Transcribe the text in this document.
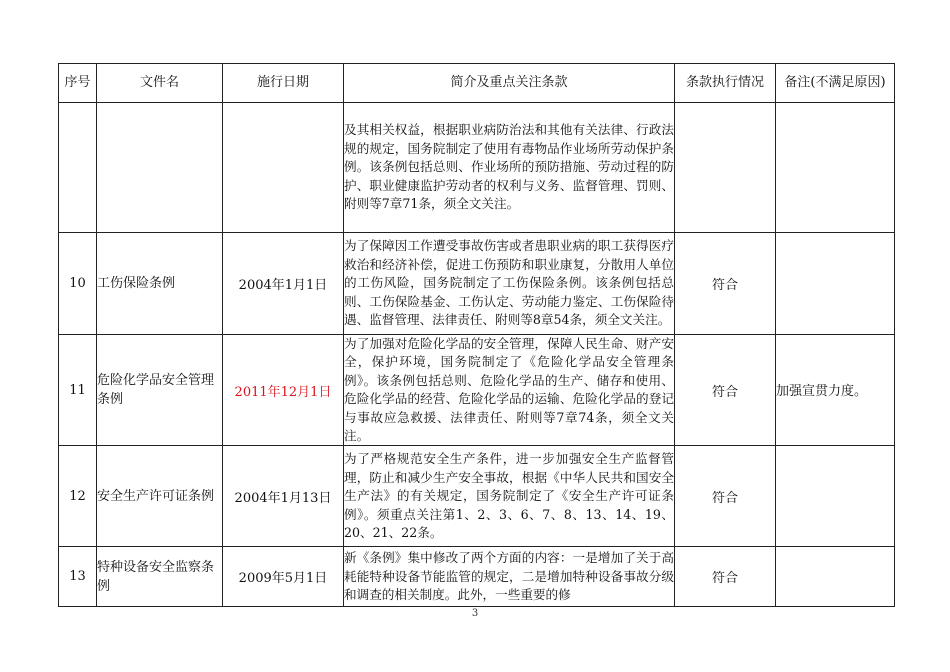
序号	文件名	施行日期	简介及重点关注条款	条款执行情况	备注(不满足原因)
			及其相关权益，根据职业病防治法和其他有关法律、行政法规的规定，国务院制定了使用有毒物品作业场所劳动保护条例。该条例包括总则、作业场所的预防措施、劳动过程的防护、职业健康监护劳动者的权利与义务、监督管理、罚则、附则等7章71条，须全文关注。		

10	工伤保险条例	2004年1月1日	为了保障因工作遭受事故伤害或者患职业病的职工获得医疗救治和经济补偿，促进工伤预防和职业康复，分散用人单位的工伤风险，国务院制定了工伤保险条例。该条例包括总则、工伤保险基金、工伤认定、劳动能力鉴定、工伤保险待遇、监督管理、法律责任、附则等8章54条，须全文关注。	符合	

11	危险化学品安全管理条例	2011年12月1日	为了加强对危险化学品的安全管理，保障人民生命、财产安全，保护环境，国务院制定了《危险化学品安全管理条例》。该条例包括总则、危险化学品的生产、储存和使用、危险化学品的经营、危险化学品的运输、危险化学品的登记与事故应急救援、法律责任、附则等7章74条，须全文关注。	符合	加强宣贯力度。

12	安全生产许可证条例	2004年1月13日	为了严格规范安全生产条件，进一步加强安全生产监督管理，防止和减少生产安全事故，根据《中华人民共和国安全生产法》的有关规定，国务院制定了《安全生产许可证条例》。须重点关注第1、2、3、6、7、8、13、14、19、20、21、22条。	符合	

13	特种设备安全监察条例	2009年5月1日	新《条例》集中修改了两个方面的内容：一是增加了关于高耗能特种设备节能监管的规定，二是增加特种设备事故分级和调查的相关制度。此外，一些重要的修	符合	
3
